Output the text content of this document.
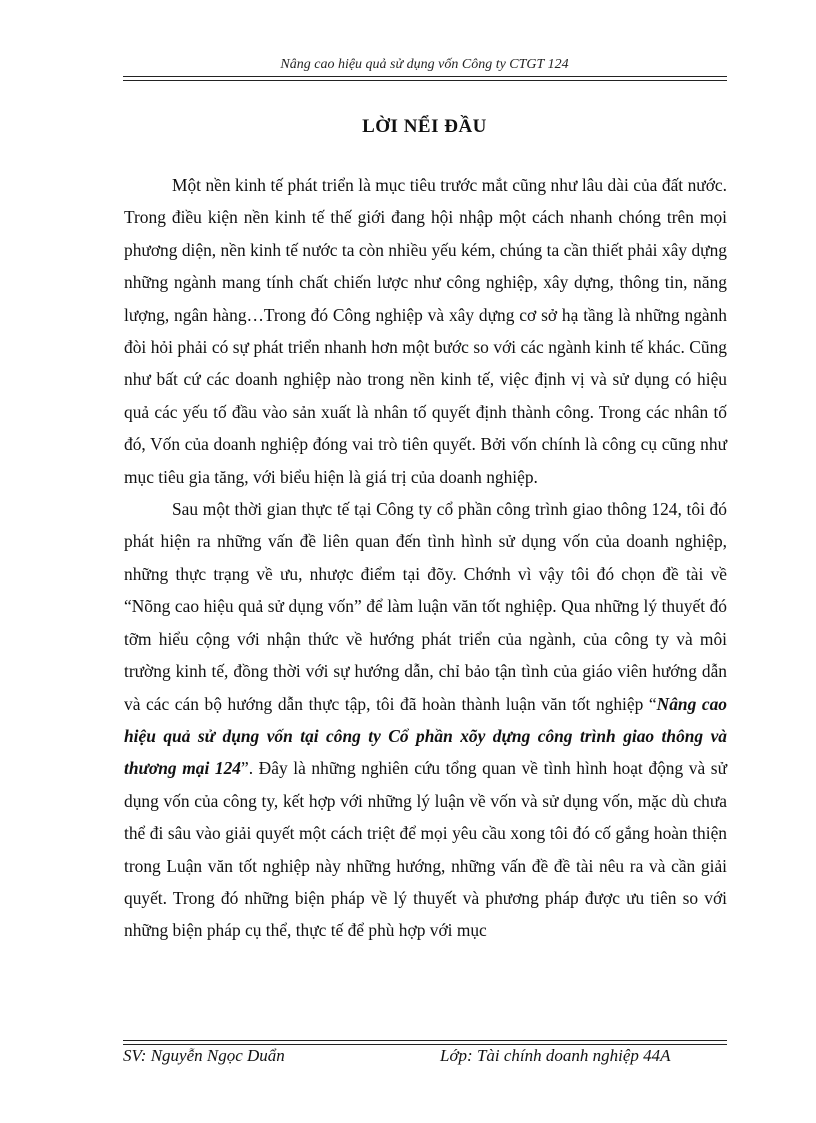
Nâng cao hiệu quả sử dụng vốn Công ty CTGT 124
LỜI NỂI ĐẦU

Một nền kinh tế phát triển là mục tiêu trước mắt cũng như lâu dài của đất nước. Trong điều kiện nền kinh tế thế giới đang hội nhập một cách nhanh chóng trên mọi phương diện, nền kinh tế nước ta còn nhiều yếu kém, chúng ta cần thiết phải xây dựng những ngành mang tính chất chiến lược như công nghiệp, xây dựng, thông tin, năng lượng, ngân hàng…Trong đó Công nghiệp và xây dựng cơ sở hạ tầng là những ngành đòi hỏi phải có sự phát triển nhanh hơn một bước so với các ngành kinh tế khác. Cũng như bất cứ các doanh nghiệp nào trong nền kinh tế, việc định vị và sử dụng có hiệu quả các yếu tố đầu vào sản xuất là nhân tố quyết định thành công. Trong các nhân tố đó, Vốn của doanh nghiệp đóng vai trò tiên quyết. Bởi vốn chính là công cụ cũng như mục tiêu gia tăng, với biểu hiện là giá trị của doanh nghiệp.

Sau một thời gian thực tế tại Công ty cổ phần công trình giao thông 124, tôi đó phát hiện ra những vấn đề liên quan đến tình hình sử dụng vốn của doanh nghiệp, những thực trạng về ưu, nhược điểm tại đõy. Chớnh vì vậy tôi đó chọn đề tài về “Nõng cao hiệu quả sử dụng vốn” để làm luận văn tốt nghiệp. Qua những lý thuyết đó tỡm hiểu cộng với nhận thức về hướng phát triển của ngành, của công ty và môi trường kinh tế, đồng thời với sự hướng dẫn, chỉ bảo tận tình của giáo viên hướng dẫn và các cán bộ hướng dẫn thực tập, tôi đã hoàn thành luận văn tốt nghiệp “Nâng cao hiệu quả sử dụng vốn tại công ty Cổ phần xõy dựng công trình giao thông và thương mại 124”. Đây là những nghiên cứu tổng quan về tình hình hoạt động và sử dụng vốn của công ty, kết hợp với những lý luận về vốn và sử dụng vốn, mặc dù chưa thể đi sâu vào giải quyết một cách triệt để mọi yêu cầu xong tôi đó cố gắng hoàn thiện trong Luận văn tốt nghiệp này những hướng, những vấn đề đề tài nêu ra và cần giải quyết. Trong đó những biện pháp về lý thuyết và phương pháp được ưu tiên so với những biện pháp cụ thể, thực tế để phù hợp với mục

SV: Nguyễn Ngọc Duẩn	Lớp: Tài chính doanh nghiệp 44A
